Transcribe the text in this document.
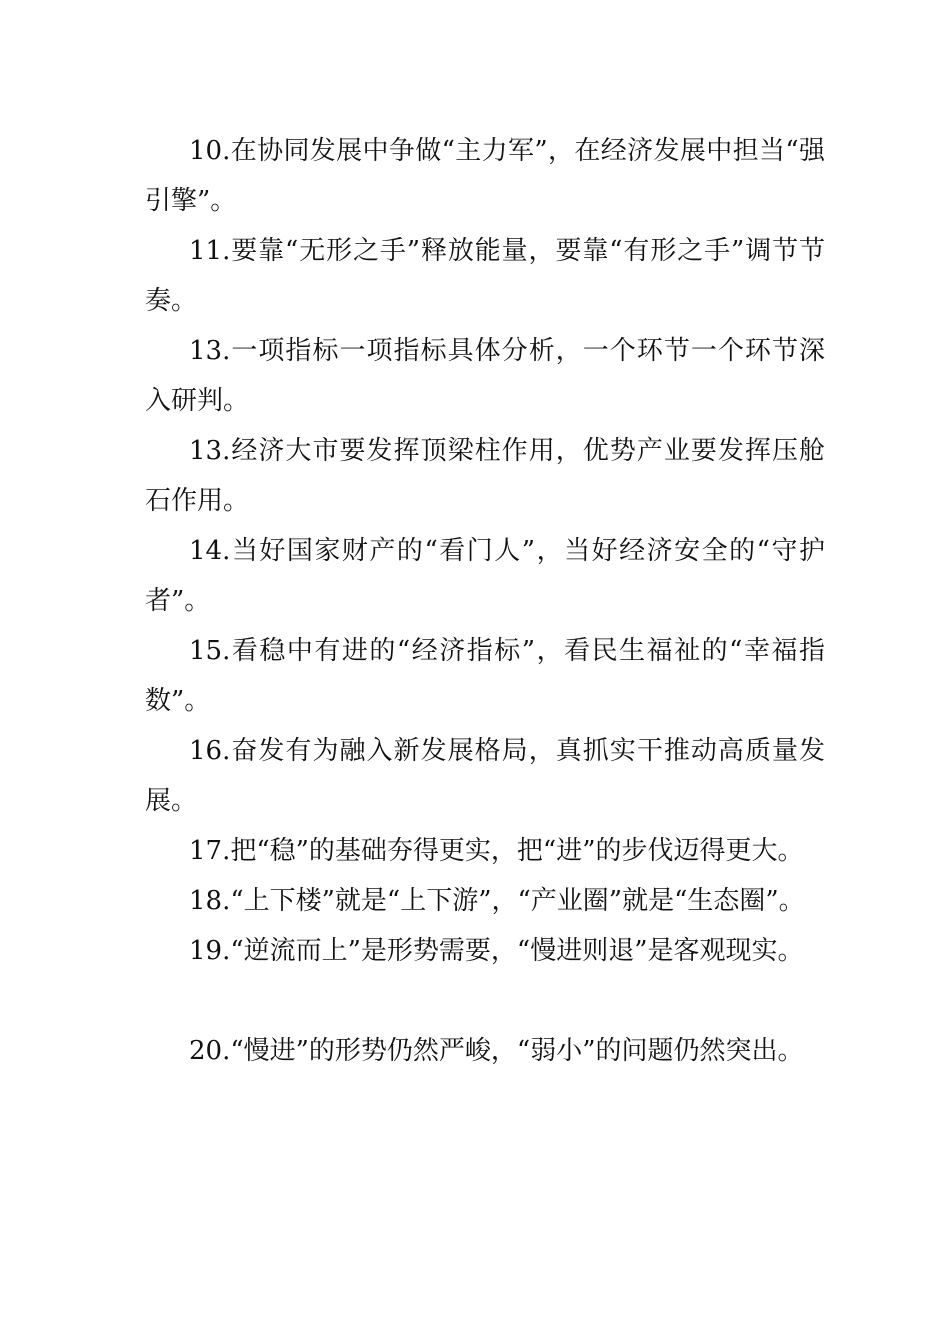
10.在协同发展中争做“主力军”，在经济发展中担当“强引擎”。

11.要靠“无形之手”释放能量，要靠“有形之手”调节节奏。

13.一项指标一项指标具体分析，一个环节一个环节深入研判。

13.经济大市要发挥顶梁柱作用，优势产业要发挥压舱石作用。

14.当好国家财产的“看门人”，当好经济安全的“守护者”。

15.看稳中有进的“经济指标”，看民生福祉的“幸福指数”。

16.奋发有为融入新发展格局，真抓实干推动高质量发展。

17.把“稳”的基础夯得更实，把“进”的步伐迈得更大。

18.“上下楼”就是“上下游”，“产业圈”就是“生态圈”。

19.“逆流而上”是形势需要，“慢进则退”是客观现实。

20.“慢进”的形势仍然严峻，“弱小”的问题仍然突出。
